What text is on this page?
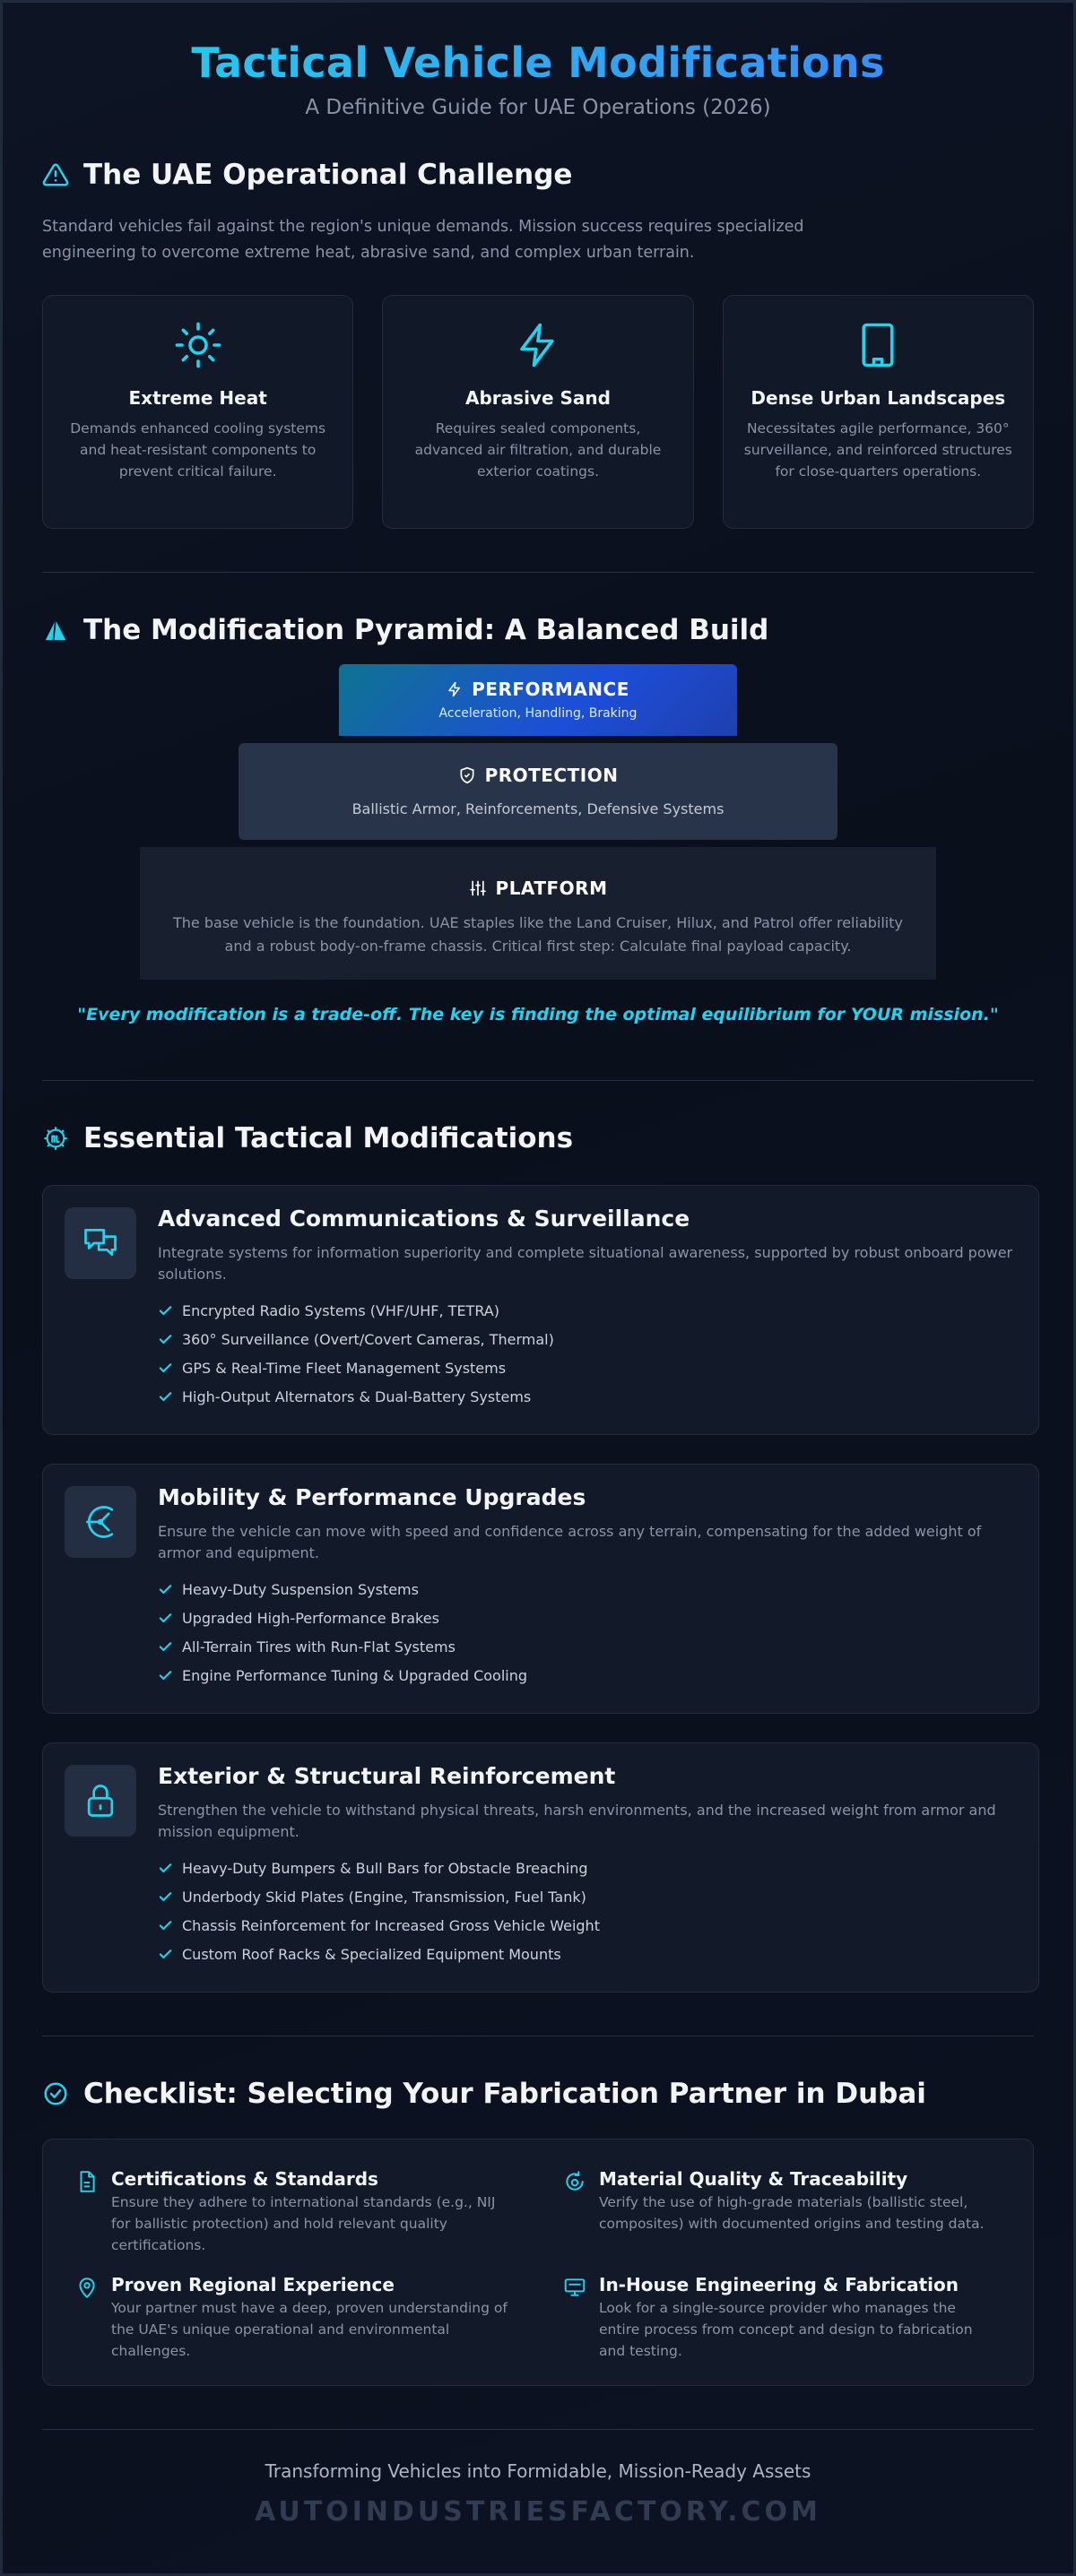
Tactical Vehicle Modifications
A Definitive Guide for UAE Operations (2026)
The UAE Operational Challenge

Standard vehicles fail against the region's unique demands. Mission success requires specialized engineering to overcome extreme heat, abrasive sand, and complex urban terrain.

Extreme Heat

Demands enhanced cooling systems and heat-resistant components to prevent critical failure.

Abrasive Sand

Requires sealed components, advanced air filtration, and durable exterior coatings.

Dense Urban Landscapes

Necessitates agile performance, 360° surveillance, and reinforced structures for close-quarters operations.

The Modification Pyramid: A Balanced Build
PERFORMANCE
Acceleration, Handling, Braking
PROTECTION
Ballistic Armor, Reinforcements, Defensive Systems
PLATFORM
The base vehicle is the foundation. UAE staples like the Land Cruiser, Hilux, and Patrol offer reliability and a robust body-on-frame chassis. Critical first step: Calculate final payload capacity.

"Every modification is a trade-off. The key is finding the optimal equilibrium for YOUR mission."

Essential Tactical Modifications
Advanced Communications & Surveillance

Integrate systems for information superiority and complete situational awareness, supported by robust onboard power solutions.

Encrypted Radio Systems (VHF/UHF, TETRA)
360° Surveillance (Overt/Covert Cameras, Thermal)
GPS & Real-Time Fleet Management Systems
High-Output Alternators & Dual-Battery Systems
Mobility & Performance Upgrades

Ensure the vehicle can move with speed and confidence across any terrain, compensating for the added weight of armor and equipment.

Heavy-Duty Suspension Systems
Upgraded High-Performance Brakes
All-Terrain Tires with Run-Flat Systems
Engine Performance Tuning & Upgraded Cooling
Exterior & Structural Reinforcement

Strengthen the vehicle to withstand physical threats, harsh environments, and the increased weight from armor and mission equipment.

Heavy-Duty Bumpers & Bull Bars for Obstacle Breaching
Underbody Skid Plates (Engine, Transmission, Fuel Tank)
Chassis Reinforcement for Increased Gross Vehicle Weight
Custom Roof Racks & Specialized Equipment Mounts
Checklist: Selecting Your Fabrication Partner in Dubai
Certifications & Standards

Ensure they adhere to international standards (e.g., NIJ for ballistic protection) and hold relevant quality certifications.

Material Quality & Traceability

Verify the use of high-grade materials (ballistic steel, composites) with documented origins and testing data.

Proven Regional Experience

Your partner must have a deep, proven understanding of the UAE's unique operational and environmental challenges.

In-House Engineering & Fabrication

Look for a single-source provider who manages the entire process from concept and design to fabrication and testing.

Transforming Vehicles into Formidable, Mission-Ready Assets
AUTOINDUSTRIESFACTORY.COM
